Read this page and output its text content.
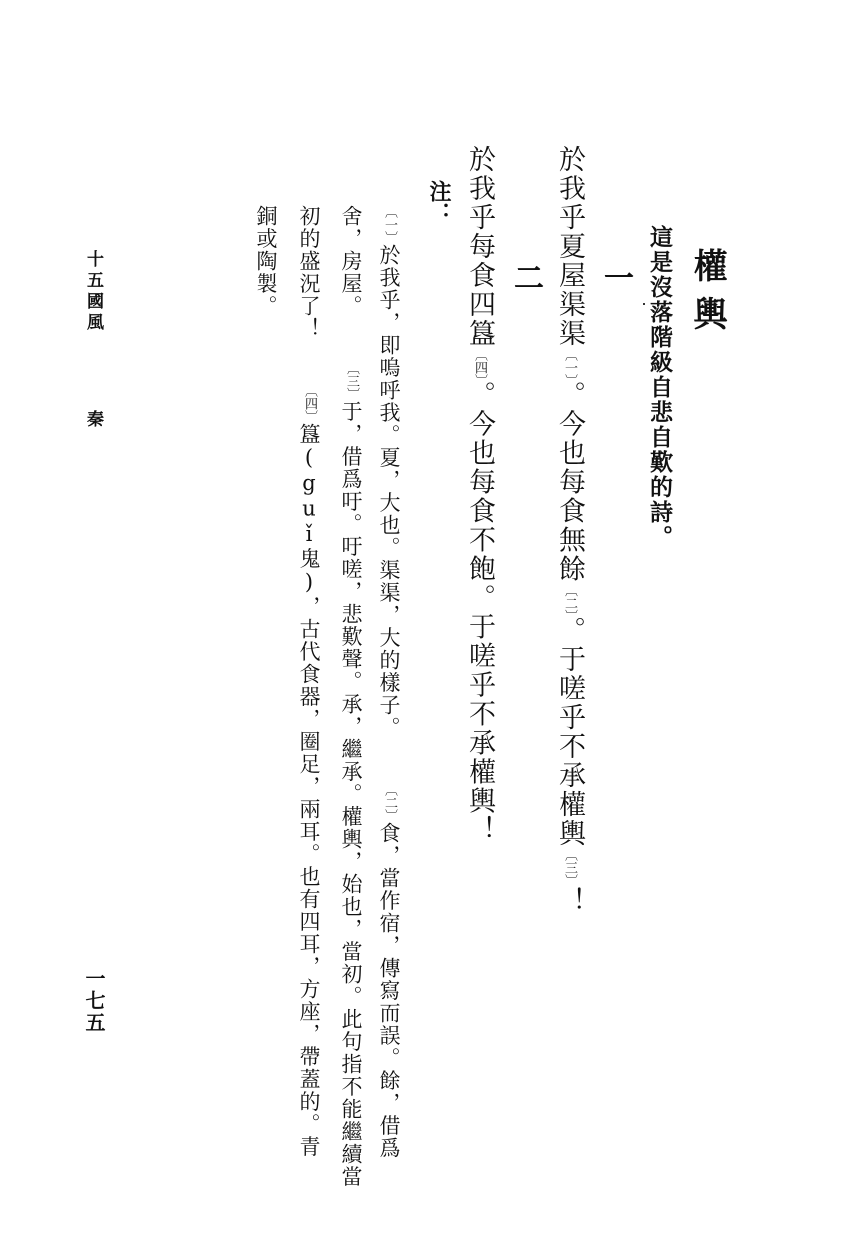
權輿
這是沒落階級自悲自歎的詩。
一
於我乎夏屋渠渠〔一〕。今也每食無餘〔二〕。于嗟乎不承權輿〔三〕！
二
於我乎每食四簋〔四〕。今也每食不飽。于嗟乎不承權輿！
注：
〔一〕於我乎，即嗚呼我。夏，大也。渠渠，大的樣子。〔二〕食，當作宿，傳寫而誤。餘，借爲
舍，房屋。〔三〕于，借爲吁。吁嗟，悲歎聲。承，繼承。權輿，始也，當初。此句指不能繼續當
初的盛況了！〔四〕簋(guǐ鬼)，古代食器，圈足，兩耳。也有四耳，方座，帶蓋的。青
銅或陶製。
十五國風
秦
一七五
